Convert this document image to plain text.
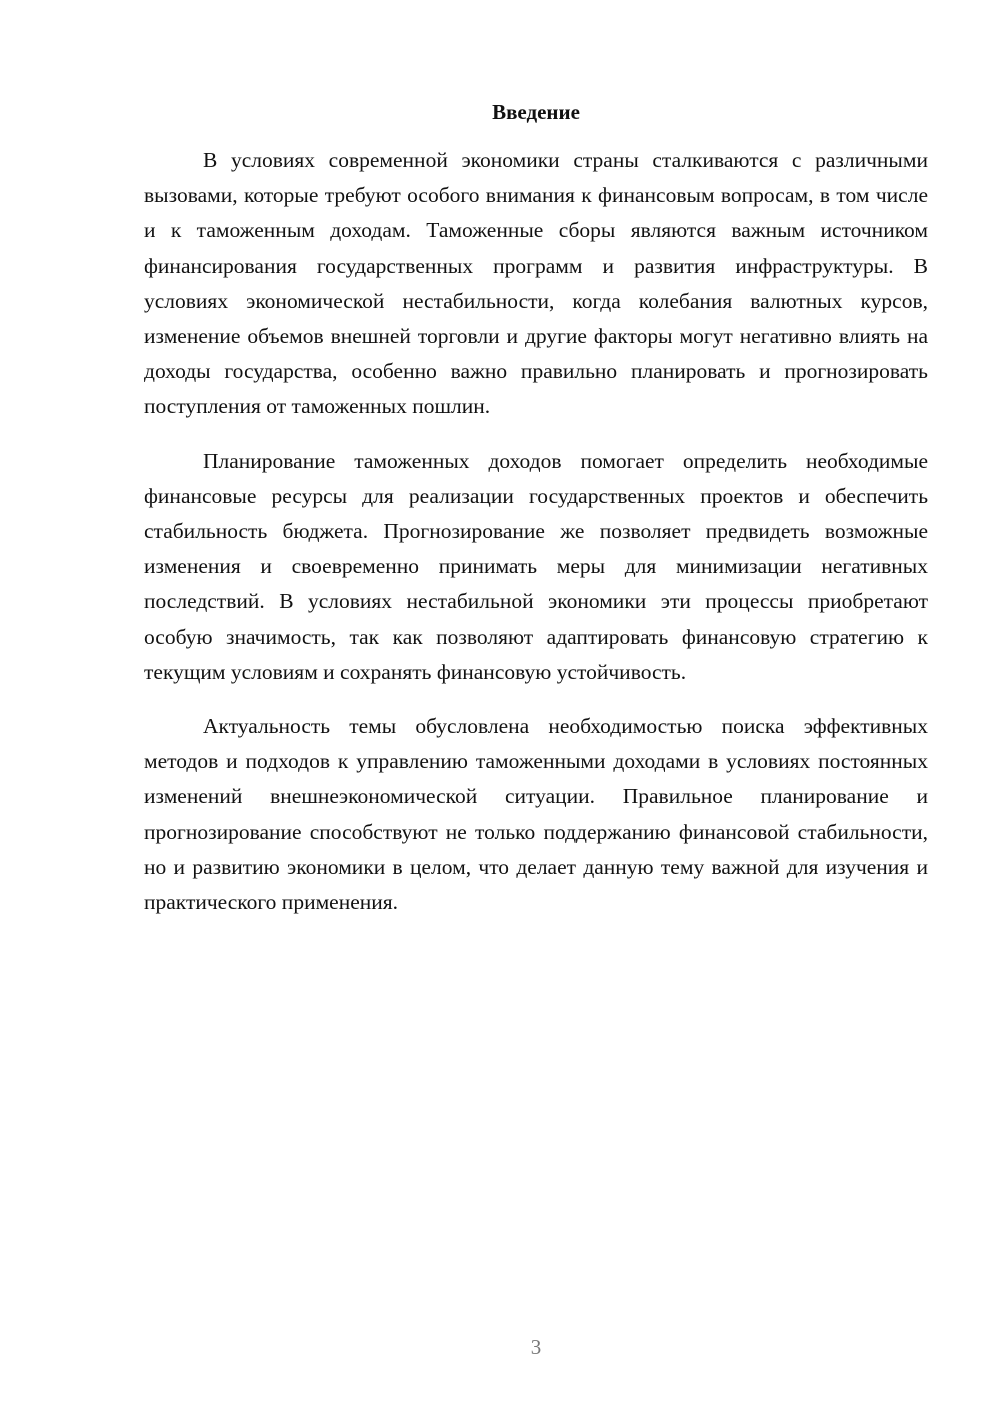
Введение

В условиях современной экономики страны сталкиваются с различными вызовами, которые требуют особого внимания к финансовым вопросам, в том числе и к таможенным доходам. Таможенные сборы являются важным источником финансирования государственных программ и развития инфраструктуры. В условиях экономической нестабильности, когда колебания валютных курсов, изменение объемов внешней торговли и другие факторы могут негативно влиять на доходы государства, особенно важно правильно планировать и прогнозировать поступления от таможенных пошлин.

Планирование таможенных доходов помогает определить необходимые финансовые ресурсы для реализации государственных проектов и обеспечить стабильность бюджета. Прогнозирование же позволяет предвидеть возможные изменения и своевременно принимать меры для минимизации негативных последствий. В условиях нестабильной экономики эти процессы приобретают особую значимость, так как позволяют адаптировать финансовую стратегию к текущим условиям и сохранять финансовую устойчивость.

Актуальность темы обусловлена необходимостью поиска эффективных методов и подходов к управлению таможенными доходами в условиях постоянных изменений внешнеэкономической ситуации. Правильное планирование и прогнозирование способствуют не только поддержанию финансовой стабильности, но и развитию экономики в целом, что делает данную тему важной для изучения и практического применения.

3
